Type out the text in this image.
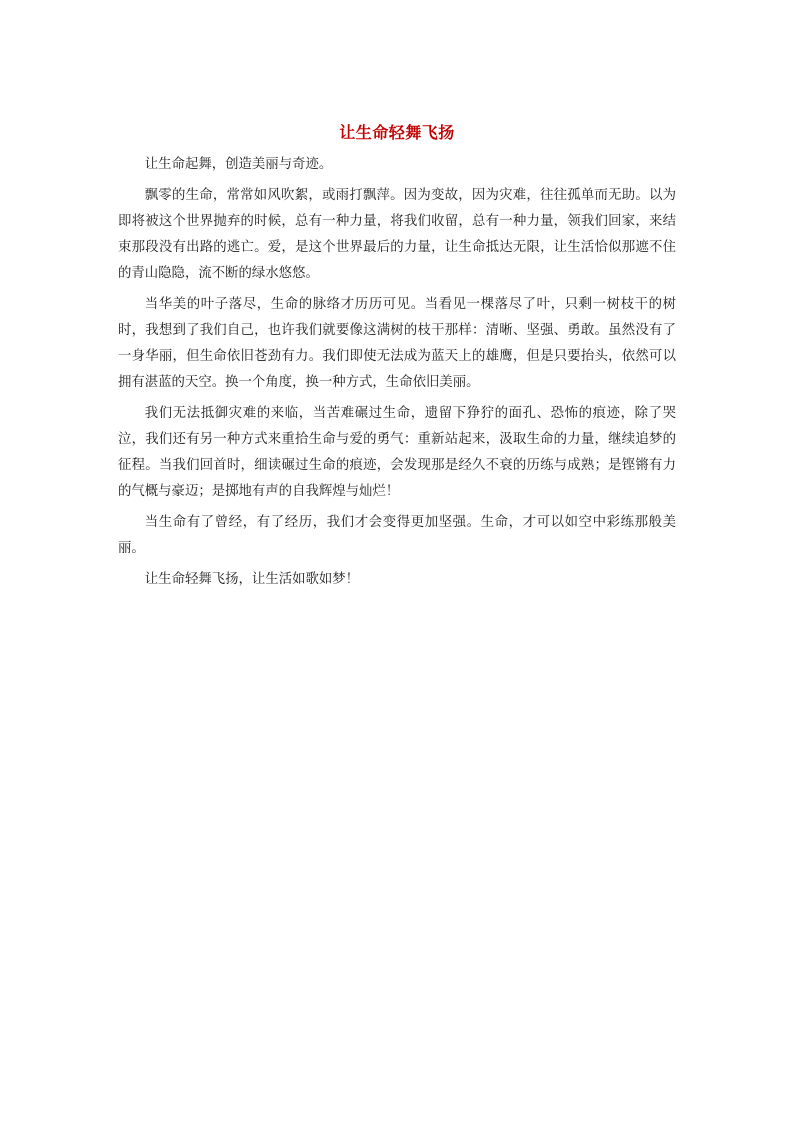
让生命轻舞飞扬

让生命起舞，创造美丽与奇迹。

飘零的生命，常常如风吹絮，或雨打飘萍。因为变故，因为灾难，往往孤单而无助。以为即将被这个世界抛弃的时候，总有一种力量，将我们收留，总有一种力量，领我们回家，来结束那段没有出路的逃亡。爱，是这个世界最后的力量，让生命抵达无限，让生活恰似那遮不住的青山隐隐，流不断的绿水悠悠。

当华美的叶子落尽，生命的脉络才历历可见。当看见一棵落尽了叶，只剩一树枝干的树时，我想到了我们自己，也许我们就要像这满树的枝干那样：清晰、坚强、勇敢。虽然没有了一身华丽，但生命依旧苍劲有力。我们即使无法成为蓝天上的雄鹰，但是只要抬头，依然可以拥有湛蓝的天空。换一个角度，换一种方式，生命依旧美丽。

我们无法抵御灾难的来临，当苦难碾过生命，遗留下狰狞的面孔、恐怖的痕迹，除了哭泣，我们还有另一种方式来重拾生命与爱的勇气：重新站起来，汲取生命的力量，继续追梦的征程。当我们回首时，细读碾过生命的痕迹，会发现那是经久不衰的历练与成熟；是铿锵有力的气概与豪迈；是掷地有声的自我辉煌与灿烂！

当生命有了曾经，有了经历，我们才会变得更加坚强。生命，才可以如空中彩练那般美丽。

让生命轻舞飞扬，让生活如歌如梦！
